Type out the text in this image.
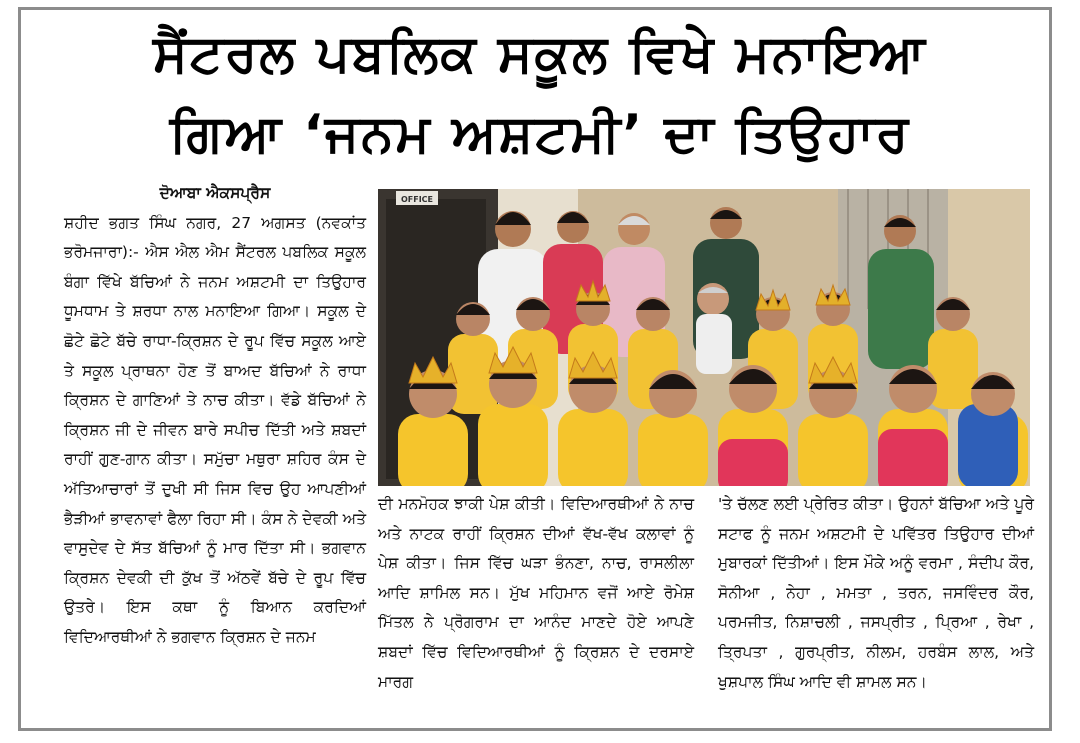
ਸੈਂਟਰਲ ਪਬਲਿਕ ਸਕੂਲ ਵਿਖੇ ਮਨਾਇਆ
ਗਿਆ ‘ਜਨਮ ਅਸ਼ਟਮੀ’ ਦਾ ਤਿਉਹਾਰ
ਦੋਆਬਾ ਐਕਸਪ੍ਰੈਸ

ਸ਼ਹੀਦ ਭਗਤ ਸਿੰਘ ਨਗਰ, 27 ਅਗਸਤ (ਨਵਕਾਂਤ ਭਰੋਮਜਾਰਾ):- ਐਸ ਐਲ ਐਮ ਸੈਂਟਰਲ ਪਬਲਿਕ ਸਕੂਲ ਬੰਗਾ ਵਿੱਖੇ ਬੱਚਿਆਂ ਨੇ ਜਨਮ ਅਸ਼ਟਮੀ ਦਾ ਤਿਉਹਾਰ ਧੂਮਧਾਮ ਤੇ ਸ਼ਰਧਾ ਨਾਲ ਮਨਾਇਆ ਗਿਆ। ਸਕੂਲ ਦੇ ਛੋਟੇ ਛੋਟੇ ਬੱਚੇ ਰਾਧਾ-ਕ੍ਰਿਸ਼ਨ ਦੇ ਰੂਪ ਵਿੱਚ ਸਕੂਲ ਆਏ ਤੇ ਸਕੂਲ ਪ੍ਰਾਥਨਾ ਹੋਣ ਤੋਂ ਬਾਅਦ ਬੱਚਿਆਂ ਨੇ ਰਾਧਾ ਕ੍ਰਿਸ਼ਨ ਦੇ ਗਾਣਿਆਂ ਤੇ ਨਾਚ ਕੀਤਾ। ਵੱਡੇ ਬੱਚਿਆਂ ਨੇ ਕ੍ਰਿਸ਼ਨ ਜੀ ਦੇ ਜੀਵਨ ਬਾਰੇ ਸਪੀਚ ਦਿੱਤੀ ਅਤੇ ਸ਼ਬਦਾਂ ਰਾਹੀਂ ਗੁਣ-ਗਾਨ ਕੀਤਾ। ਸਮੁੱਚਾ ਮਥੁਰਾ ਸ਼ਹਿਰ ਕੰਸ ਦੇ ਅੱਤਿਆਚਾਰਾਂ ਤੋਂ ਦੁਖੀ ਸੀ ਜਿਸ ਵਿਚ ਉਹ ਆਪਣੀਆਂ ਭੈੜੀਆਂ ਭਾਵਨਾਵਾਂ ਫੈਲਾ ਰਿਹਾ ਸੀ। ਕੰਸ ਨੇ ਦੇਵਕੀ ਅਤੇ ਵਾਸੁਦੇਵ ਦੇ ਸੱਤ ਬੱਚਿਆਂ ਨੂੰ ਮਾਰ ਦਿੱਤਾ ਸੀ। ਭਗਵਾਨ ਕ੍ਰਿਸ਼ਨ ਦੇਵਕੀ ਦੀ ਕੁੱਖ ਤੋਂ ਅੱਠਵੇਂ ਬੱਚੇ ਦੇ ਰੂਪ ਵਿੱਚ ਉਤਰੇ। ਇਸ ਕਥਾ ਨੂੰ ਬਿਆਨ ਕਰਦਿਆਂ ਵਿਦਿਆਰਥੀਆਂ ਨੇ ਭਗਵਾਨ ਕ੍ਰਿਸ਼ਨ ਦੇ ਜਨਮ

OFFICE

ਦੀ ਮਨਮੋਹਕ ਝਾਕੀ ਪੇਸ਼ ਕੀਤੀ। ਵਿਦਿਆਰਥੀਆਂ ਨੇ ਨਾਚ ਅਤੇ ਨਾਟਕ ਰਾਹੀਂ ਕ੍ਰਿਸ਼ਨ ਦੀਆਂ ਵੱਖ-ਵੱਖ ਕਲਾਵਾਂ ਨੂੰ ਪੇਸ਼ ਕੀਤਾ। ਜਿਸ ਵਿੱਚ ਘੜਾ ਭੰਨਣਾ, ਨਾਚ, ਰਾਸਲੀਲਾ ਆਦਿ ਸ਼ਾਮਿਲ ਸਨ। ਮੁੱਖ ਮਹਿਮਾਨ ਵਜੋਂ ਆਏ ਰੋਮੇਸ਼ ਮਿੱਤਲ ਨੇ ਪ੍ਰੋਗਰਾਮ ਦਾ ਆਨੰਦ ਮਾਣਦੇ ਹੋਏ ਆਪਣੇ ਸ਼ਬਦਾਂ ਵਿੱਚ ਵਿਦਿਆਰਥੀਆਂ ਨੂੰ ਕ੍ਰਿਸ਼ਨ ਦੇ ਦਰਸਾਏ ਮਾਰਗ

'ਤੇ ਚੱਲਣ ਲਈ ਪ੍ਰੇਰਿਤ ਕੀਤਾ। ਉਹਨਾਂ ਬੱਚਿਆ ਅਤੇ ਪੂਰੇ ਸਟਾਫ ਨੂੰ ਜਨਮ ਅਸ਼ਟਮੀ ਦੇ ਪਵਿੱਤਰ ਤਿਉਹਾਰ ਦੀਆਂ ਮੁਬਾਰਕਾਂ ਦਿੱਤੀਆਂ। ਇਸ ਮੌਕੇ ਅਨੂੰ ਵਰਮਾ , ਸੰਦੀਪ ਕੌਰ, ਸੋਨੀਆ , ਨੇਹਾ , ਮਮਤਾ , ਤਰਨ, ਜਸਵਿੰਦਰ ਕੌਰ, ਪਰਮਜੀਤ, ਨਿਸ਼ਾਚਲੀ , ਜਸਪ੍ਰੀਤ , ਪ੍ਰਿਆ , ਰੇਖਾ , ਤ੍ਰਿਪਤਾ , ਗੁਰਪ੍ਰੀਤ, ਨੀਲਮ, ਹਰਬੰਸ ਲਾਲ, ਅਤੇ ਖੁਸ਼ਪਾਲ ਸਿੰਘ ਆਦਿ ਵੀ ਸ਼ਾਮਲ ਸਨ।
